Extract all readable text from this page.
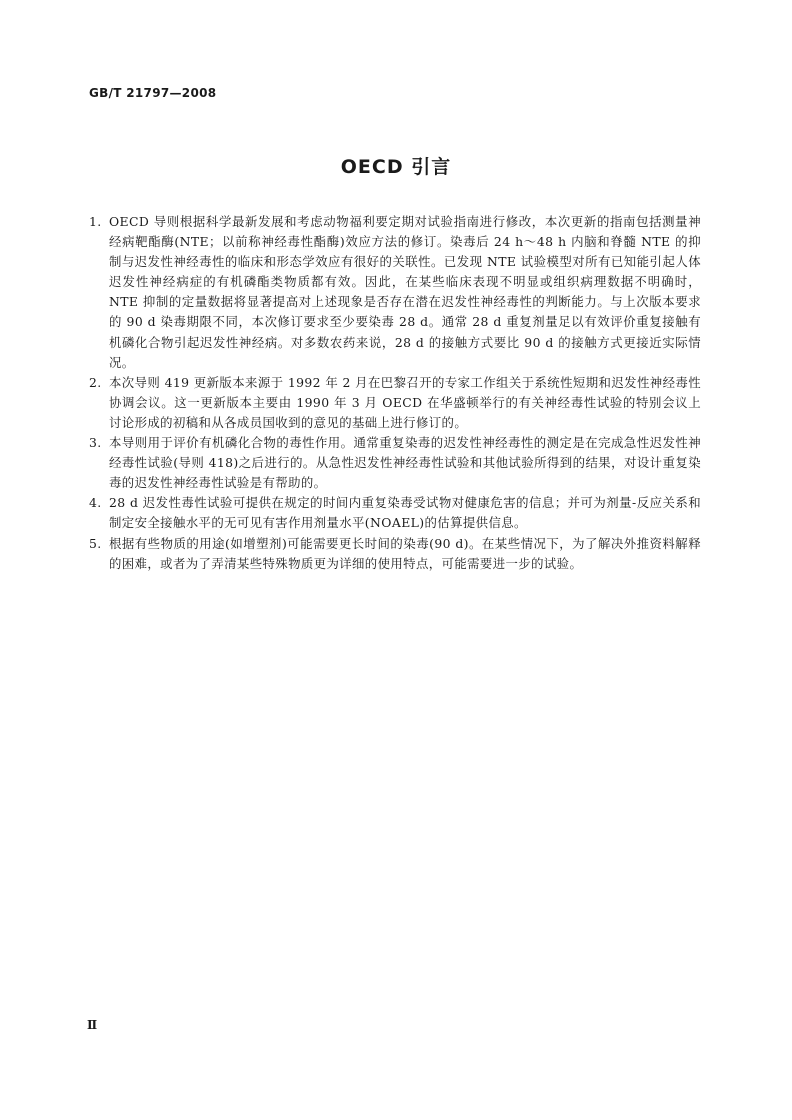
GB/T 21797—2008
OECD 引言
1. OECD 导则根据科学最新发展和考虑动物福利要定期对试验指南进行修改，本次更新的指南包括测量神经病靶酯酶(NTE；以前称神经毒性酯酶)效应方法的修订。染毒后 24 h～48 h 内脑和脊髓 NTE 的抑制与迟发性神经毒性的临床和形态学效应有很好的关联性。已发现 NTE 试验模型对所有已知能引起人体迟发性神经病症的有机磷酯类物质都有效。因此，在某些临床表现不明显或组织病理数据不明确时，NTE 抑制的定量数据将显著提高对上述现象是否存在潜在迟发性神经毒性的判断能力。与上次版本要求的 90 d 染毒期限不同，本次修订要求至少要染毒 28 d。通常 28 d 重复剂量足以有效评价重复接触有机磷化合物引起迟发性神经病。对多数农药来说，28 d 的接触方式要比 90 d 的接触方式更接近实际情况。
2. 本次导则 419 更新版本来源于 1992 年 2 月在巴黎召开的专家工作组关于系统性短期和迟发性神经毒性协调会议。这一更新版本主要由 1990 年 3 月 OECD 在华盛顿举行的有关神经毒性试验的特别会议上讨论形成的初稿和从各成员国收到的意见的基础上进行修订的。
3. 本导则用于评价有机磷化合物的毒性作用。通常重复染毒的迟发性神经毒性的测定是在完成急性迟发性神经毒性试验(导则 418)之后进行的。从急性迟发性神经毒性试验和其他试验所得到的结果，对设计重复染毒的迟发性神经毒性试验是有帮助的。
4. 28 d 迟发性毒性试验可提供在规定的时间内重复染毒受试物对健康危害的信息；并可为剂量-反应关系和制定安全接触水平的无可见有害作用剂量水平(NOAEL)的估算提供信息。
5. 根据有些物质的用途(如增塑剂)可能需要更长时间的染毒(90 d)。在某些情况下，为了解决外推资料解释的困难，或者为了弄清某些特殊物质更为详细的使用特点，可能需要进一步的试验。
Ⅱ
